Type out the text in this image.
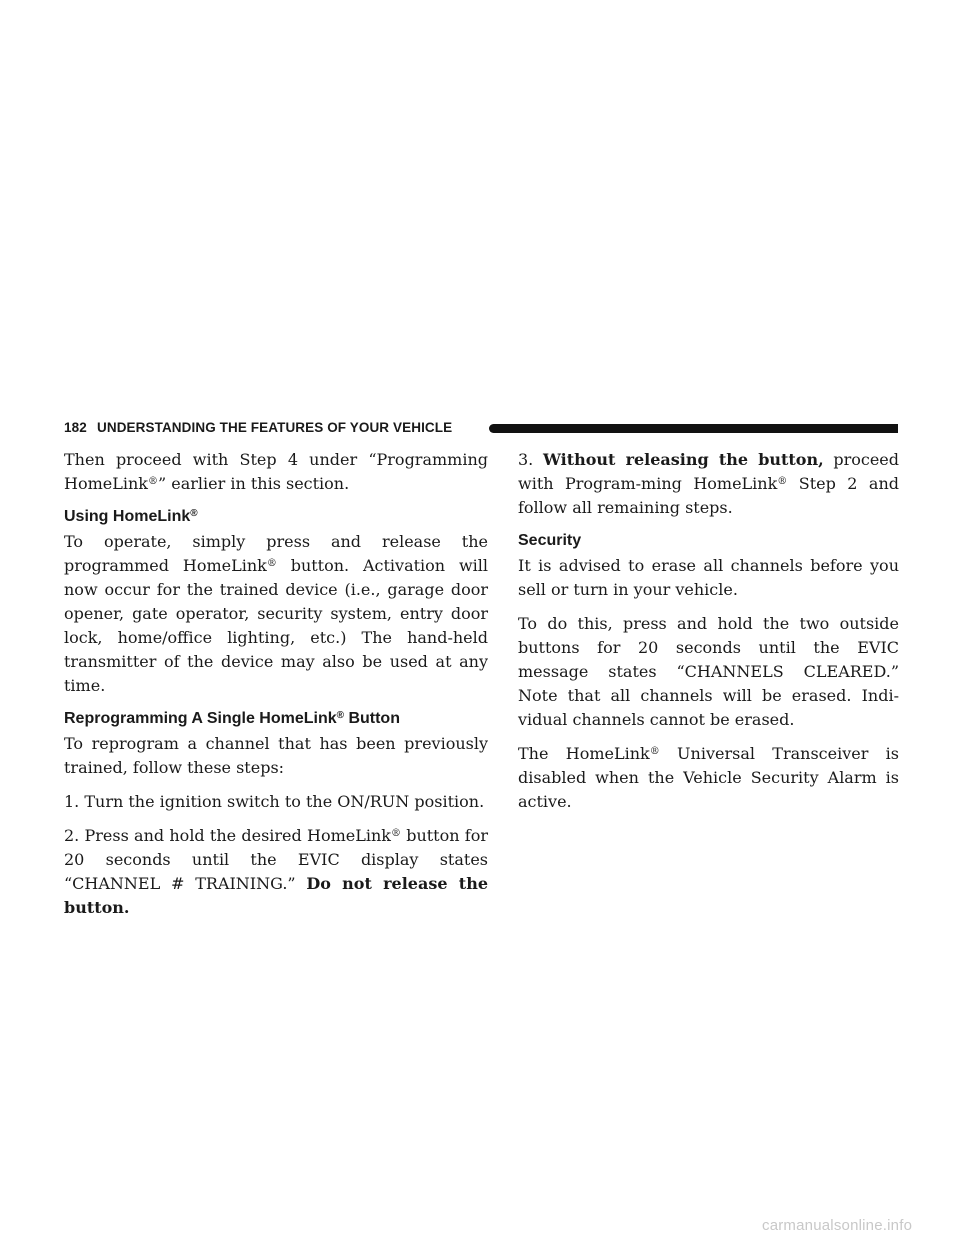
182 UNDERSTANDING THE FEATURES OF YOUR VEHICLE

Then proceed with Step 4 under “Programming HomeLink®” earlier in this section.

Using HomeLink®

To operate, simply press and release the programmed HomeLink® button. Activation will now occur for the trained device (i.e., garage door opener, gate operator, security system, entry door lock, home/office lighting, etc.) The hand-held transmitter of the device may also be used at any time.

Reprogramming A Single HomeLink® Button

To reprogram a channel that has been previously trained, follow these steps:

1. Turn the ignition switch to the ON/RUN position.

2. Press and hold the desired HomeLink® button for 20 seconds until the EVIC display states “CHANNEL # TRAINING.” Do not release the button.

3. Without releasing the button, proceed with Program-ming HomeLink® Step 2 and follow all remaining steps.

Security

It is advised to erase all channels before you sell or turn in your vehicle.

To do this, press and hold the two outside buttons for 20 seconds until the EVIC message states “CHANNELS CLEARED.” Note that all channels will be erased. Indi-vidual channels cannot be erased.

The HomeLink® Universal Transceiver is disabled when the Vehicle Security Alarm is active.

carmanualsonline.info
